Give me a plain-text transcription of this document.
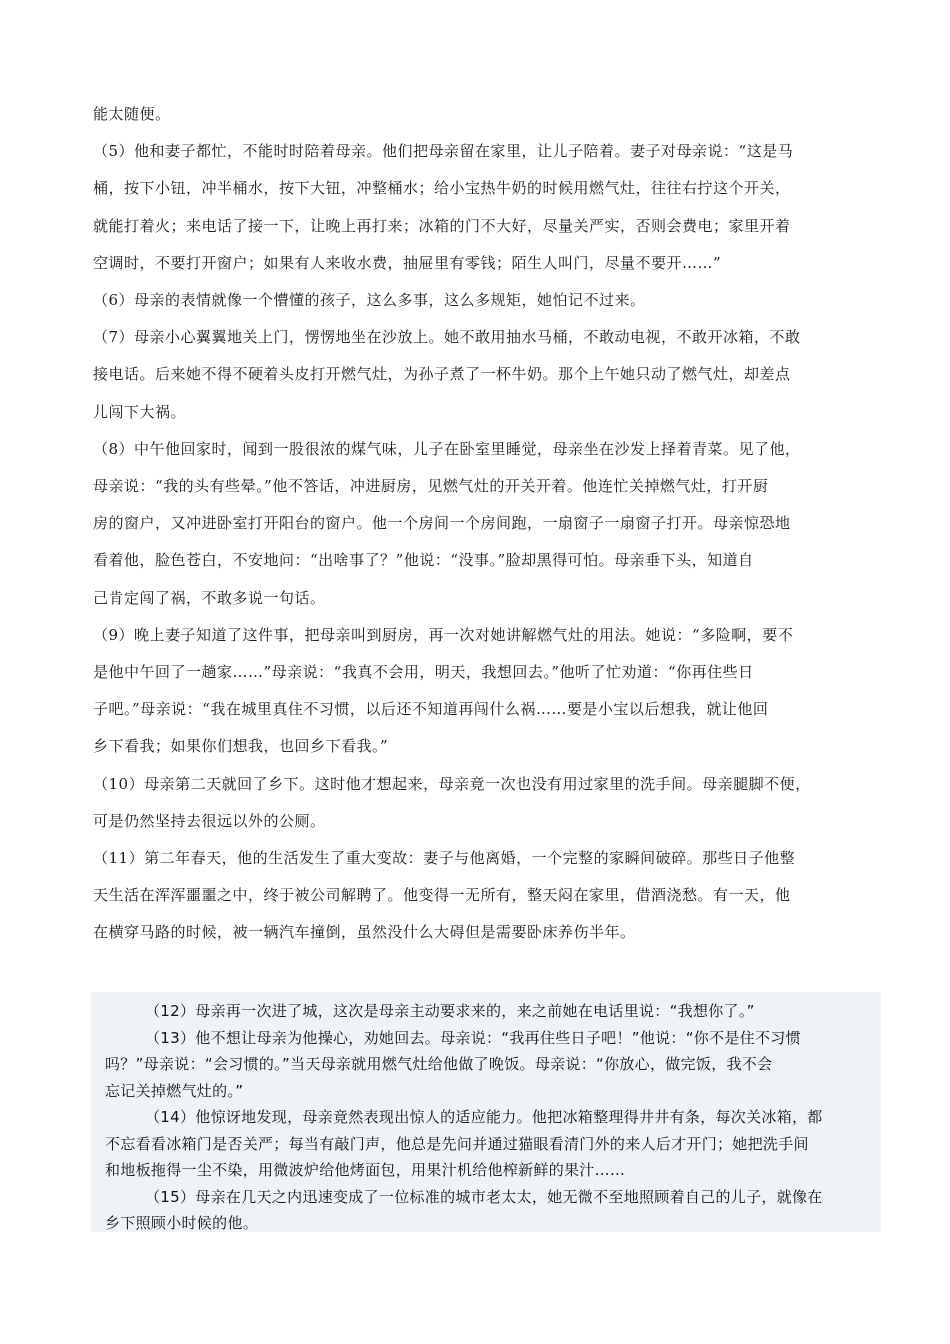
能太随便。

（5）他和妻子都忙，不能时时陪着母亲。他们把母亲留在家里，让儿子陪着。妻子对母亲说：“这是马
桶，按下小钮，冲半桶水，按下大钮，冲整桶水；给小宝热牛奶的时候用燃气灶，往往右拧这个开关，
就能打着火；来电话了接一下，让晚上再打来；冰箱的门不大好，尽量关严实，否则会费电；家里开着
空调时，不要打开窗户；如果有人来收水费，抽屉里有零钱；陌生人叫门，尽量不要开……”

（6）母亲的表情就像一个懵懂的孩子，这么多事，这么多规矩，她怕记不过来。

（7）母亲小心翼翼地关上门，愣愣地坐在沙放上。她不敢用抽水马桶，不敢动电视，不敢开冰箱，不敢
接电话。后来她不得不硬着头皮打开燃气灶，为孙子煮了一杯牛奶。那个上午她只动了燃气灶，却差点
儿闯下大祸。

（8）中午他回家时，闻到一股很浓的煤气味，儿子在卧室里睡觉，母亲坐在沙发上择着青菜。见了他，
母亲说：“我的头有些晕。”他不答话，冲进厨房，见燃气灶的开关开着。他连忙关掉燃气灶，打开厨
房的窗户，又冲进卧室打开阳台的窗户。他一个房间一个房间跑，一扇窗子一扇窗子打开。母亲惊恐地
看着他，脸色苍白，不安地问：“出啥事了？”他说：“没事。”脸却黑得可怕。母亲垂下头，知道自
己肯定闯了祸，不敢多说一句话。

（9）晚上妻子知道了这件事，把母亲叫到厨房，再一次对她讲解燃气灶的用法。她说：“多险啊，要不
是他中午回了一趟家……”母亲说：“我真不会用，明天，我想回去。”他听了忙劝道：“你再住些日
子吧。”母亲说：“我在城里真住不习惯，以后还不知道再闯什么祸……要是小宝以后想我，就让他回
乡下看我；如果你们想我，也回乡下看我。”

（10）母亲第二天就回了乡下。这时他才想起来，母亲竟一次也没有用过家里的洗手间。母亲腿脚不便，
可是仍然坚持去很远以外的公厕。

（11）第二年春天，他的生活发生了重大变故：妻子与他离婚，一个完整的家瞬间破碎。那些日子他整
天生活在浑浑噩噩之中，终于被公司解聘了。他变得一无所有，整天闷在家里，借酒浇愁。有一天，他
在横穿马路的时候，被一辆汽车撞倒，虽然没什么大碍但是需要卧床养伤半年。

（12）母亲再一次进了城，这次是母亲主动要求来的，来之前她在电话里说：“我想你了。”

（13）他不想让母亲为他操心，劝她回去。母亲说：“我再住些日子吧！”他说：“你不是住不习惯
吗？”母亲说：“会习惯的。”当天母亲就用燃气灶给他做了晚饭。母亲说：“你放心，做完饭，我不会
忘记关掉燃气灶的。”

（14）他惊讶地发现，母亲竟然表现出惊人的适应能力。他把冰箱整理得井井有条，每次关冰箱，都
不忘看看冰箱门是否关严；每当有敲门声，他总是先问并通过猫眼看清门外的来人后才开门；她把洗手间
和地板拖得一尘不染，用微波炉给他烤面包，用果汁机给他榨新鲜的果汁……

（15）母亲在几天之内迅速变成了一位标准的城市老太太，她无微不至地照顾着自己的儿子，就像在
乡下照顾小时候的他。
